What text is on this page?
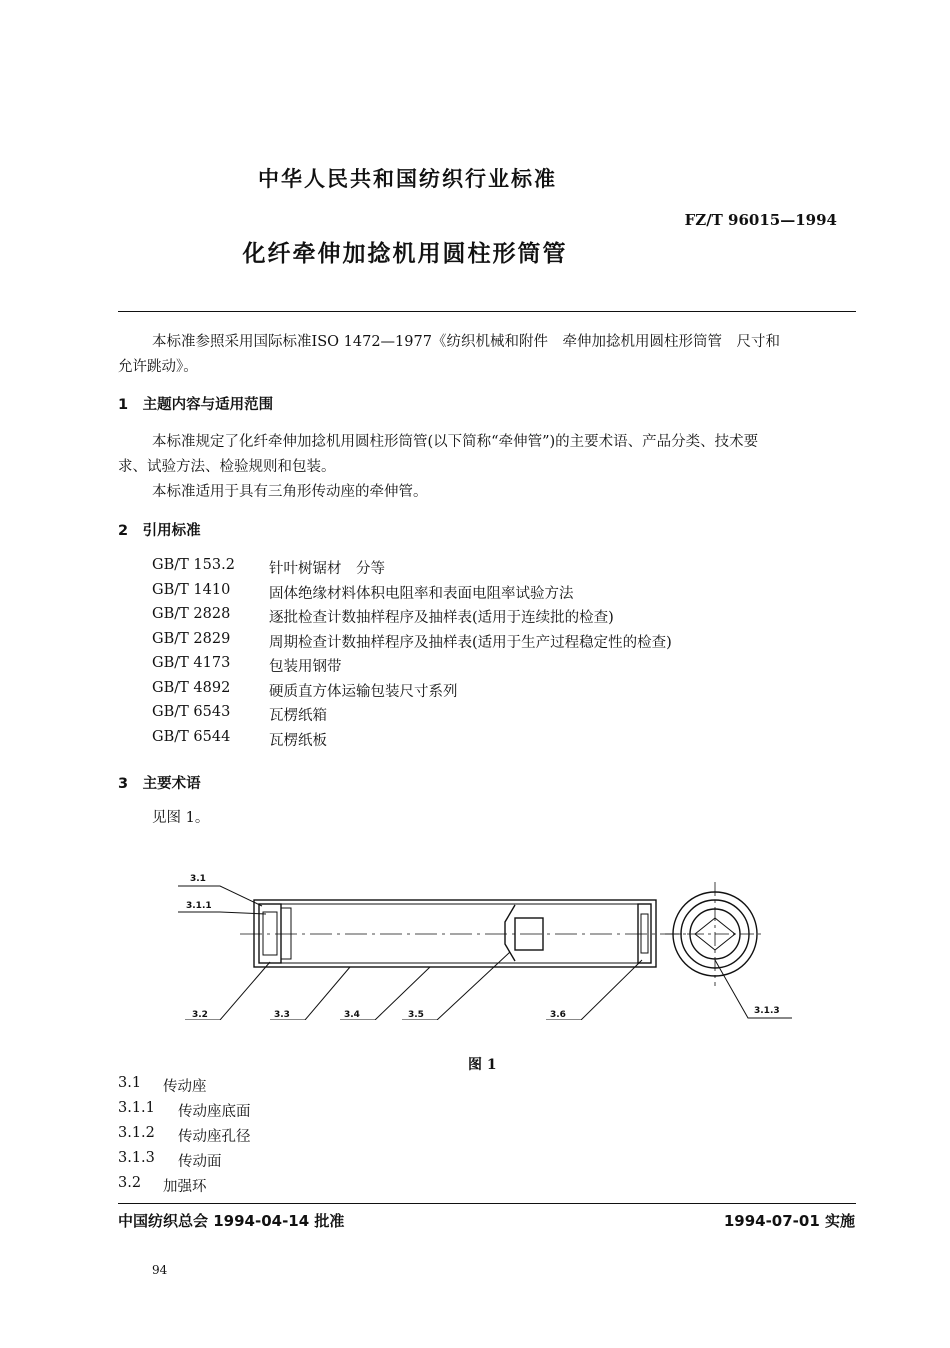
中华人民共和国纺织行业标准
FZ/T 96015—1994
化纤牵伸加捻机用圆柱形筒管
本标准参照采用国际标准ISO 1472—1977《纺织机械和附件　牵伸加捻机用圆柱形筒管　尺寸和
允许跳动》。
1　主题内容与适用范围
本标准规定了化纤牵伸加捻机用圆柱形筒管(以下简称“牵伸管”)的主要术语、产品分类、技术要
求、试验方法、检验规则和包装。
本标准适用于具有三角形传动座的牵伸管。
2　引用标准
GB/T 153.2	针叶树锯材　分等
GB/T 1410	固体绝缘材料体积电阻率和表面电阻率试验方法
GB/T 2828	逐批检查计数抽样程序及抽样表(适用于连续批的检查)
GB/T 2829	周期检查计数抽样程序及抽样表(适用于生产过程稳定性的检查)
GB/T 4173	包装用钢带
GB/T 4892	硬质直方体运输包装尺寸系列
GB/T 6543	瓦楞纸箱
GB/T 6544	瓦楞纸板
3　主要术语
见图 1。
3.1
3.1.1
3.2	3.3	3.4	3.5	3.6	3.1.3
图 1
3.1	传动座
3.1.1	传动座底面
3.1.2	传动座孔径
3.1.3	传动面
3.2	加强环
中国纺织总会 1994-04-14 批准	1994-07-01 实施
94
